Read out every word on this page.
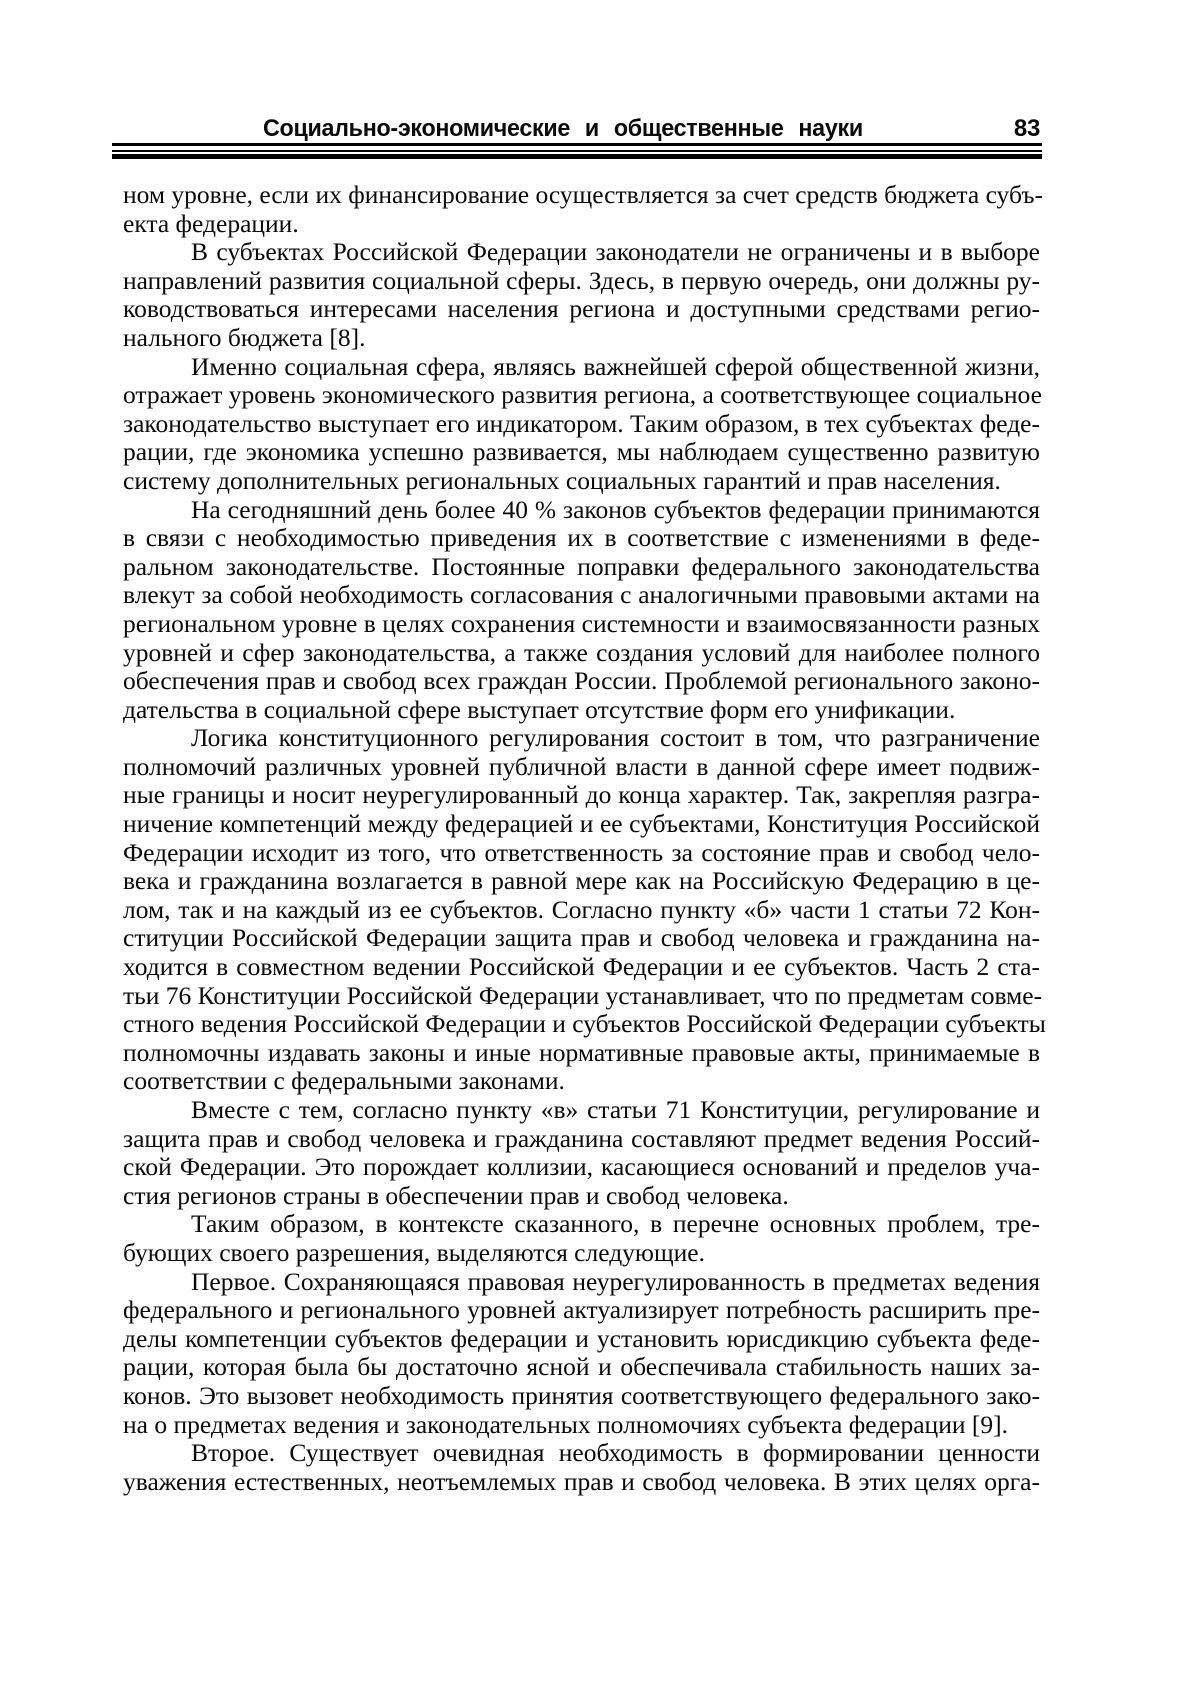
Социально-экономические и общественные науки	83

ном уровне, если их финансирование осуществляется за счет средств бюджета субъ-
екта федерации.

В субъектах Российской Федерации законодатели не ограничены и в выборе
направлений развития социальной сферы. Здесь, в первую очередь, они должны ру-
ководствоваться интересами населения региона и доступными средствами регио-
нального бюджета [8].

Именно социальная сфера, являясь важнейшей сферой общественной жизни,
отражает уровень экономического развития региона, а соответствующее социальное
законодательство выступает его индикатором. Таким образом, в тех субъектах феде-
рации, где экономика успешно развивается, мы наблюдаем существенно развитую
систему дополнительных региональных социальных гарантий и прав населения.

На сегодняшний день более 40 % законов субъектов федерации принимаются
в связи с необходимостью приведения их в соответствие с изменениями в феде-
ральном законодательстве. Постоянные поправки федерального законодательства
влекут за собой необходимость согласования с аналогичными правовыми актами на
региональном уровне в целях сохранения системности и взаимосвязанности разных
уровней и сфер законодательства, а также создания условий для наиболее полного
обеспечения прав и свобод всех граждан России. Проблемой регионального законо-
дательства в социальной сфере выступает отсутствие форм его унификации.

Логика конституционного регулирования состоит в том, что разграничение
полномочий различных уровней публичной власти в данной сфере имеет подвиж-
ные границы и носит неурегулированный до конца характер. Так, закрепляя разгра-
ничение компетенций между федерацией и ее субъектами, Конституция Российской
Федерации исходит из того, что ответственность за состояние прав и свобод чело-
века и гражданина возлагается в равной мере как на Российскую Федерацию в це-
лом, так и на каждый из ее субъектов. Согласно пункту «б» части 1 статьи 72 Кон-
ституции Российской Федерации защита прав и свобод человека и гражданина на-
ходится в совместном ведении Российской Федерации и ее субъектов. Часть 2 ста-
тьи 76 Конституции Российской Федерации устанавливает, что по предметам совме-
стного ведения Российской Федерации и субъектов Российской Федерации субъекты
полномочны издавать законы и иные нормативные правовые акты, принимаемые в
соответствии с федеральными законами.

Вместе с тем, согласно пункту «в» статьи 71 Конституции, регулирование и
защита прав и свобод человека и гражданина составляют предмет ведения Россий-
ской Федерации. Это порождает коллизии, касающиеся оснований и пределов уча-
стия регионов страны в обеспечении прав и свобод человека.

Таким образом, в контексте сказанного, в перечне основных проблем, тре-
бующих своего разрешения, выделяются следующие.

Первое. Сохраняющаяся правовая неурегулированность в предметах ведения
федерального и регионального уровней актуализирует потребность расширить пре-
делы компетенции субъектов федерации и установить юрисдикцию субъекта феде-
рации, которая была бы достаточно ясной и обеспечивала стабильность наших за-
конов. Это вызовет необходимость принятия соответствующего федерального зако-
на о предметах ведения и законодательных полномочиях субъекта федерации [9].

Второе. Существует очевидная необходимость в формировании ценности
уважения естественных, неотъемлемых прав и свобод человека. В этих целях орга-
